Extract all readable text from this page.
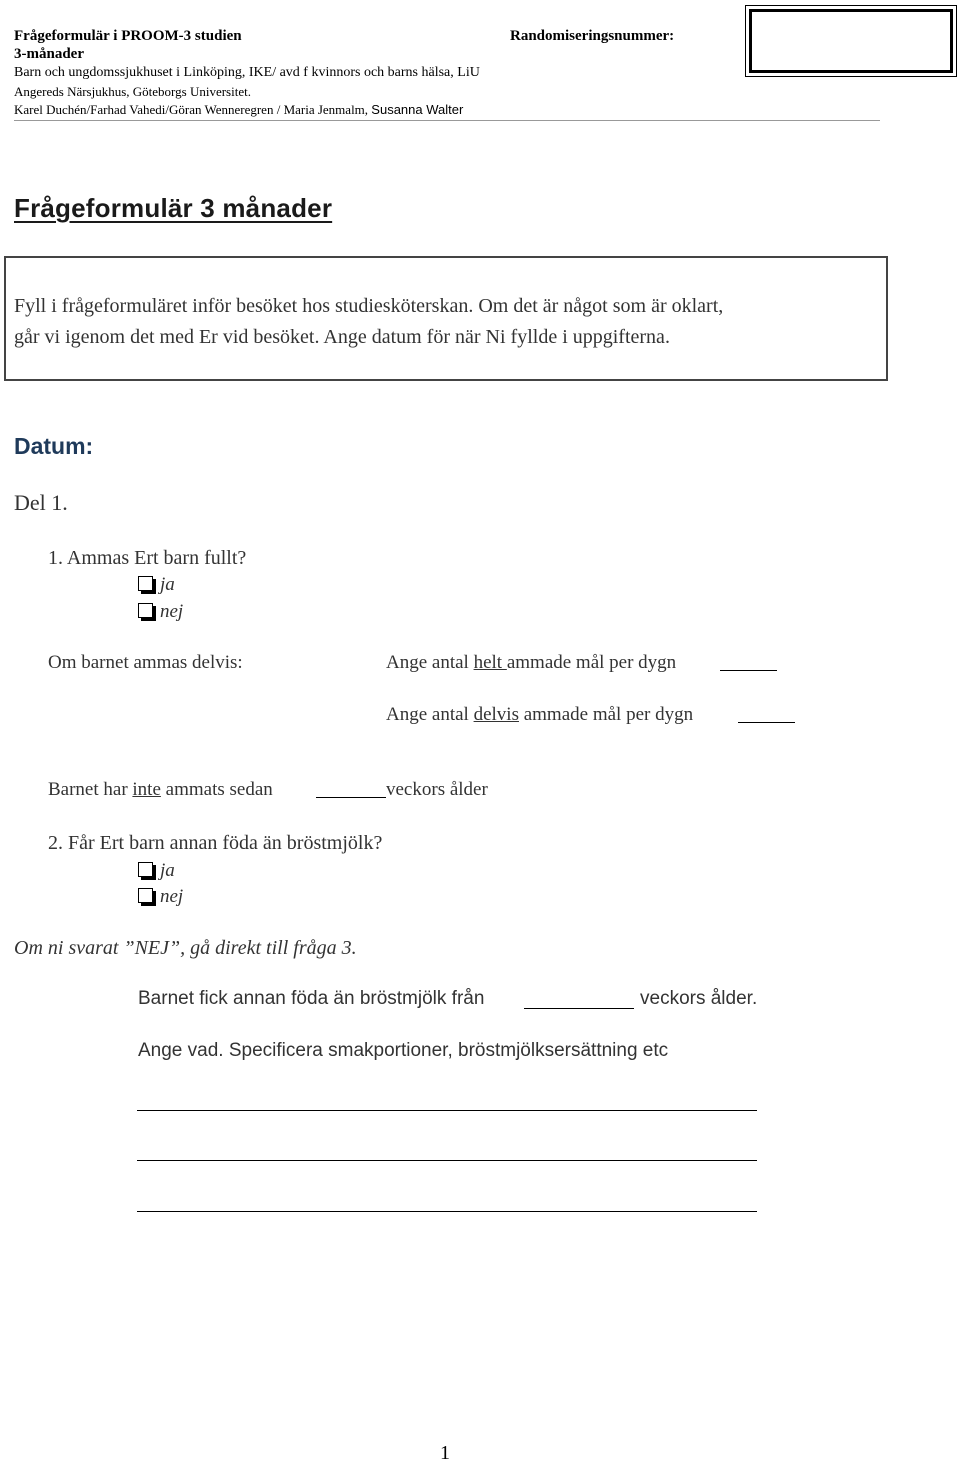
Frågeformulär i PROOM-3 studien	Randomiseringsnummer:
3-månader
Barn och ungdomssjukhuset i Linköping, IKE/ avd f kvinnors och barns hälsa, LiU
Angereds Närsjukhus, Göteborgs Universitet.
Karel Duchén/Farhad Vahedi/Göran Wenneregren / Maria Jenmalm, Susanna Walter
Frågeformulär 3 månader
Fyll i frågeformuläret inför besöket hos studiesköterskan. Om det är något som är oklart,
går vi igenom det med Er vid besöket. Ange datum för när Ni fyllde i uppgifterna.
Datum:
Del 1.
1. Ammas Ert barn fullt?
ja
nej
Om barnet ammas delvis:	Ange antal helt ammade mål per dygn
Ange antal delvis ammade mål per dygn
Barnet har inte ammats sedan	veckors ålder
2. Får Ert barn annan föda än bröstmjölk?
ja
nej
Om ni svarat ”NEJ”, gå direkt till fråga 3.
Barnet fick annan föda än bröstmjölk från	veckors ålder.
Ange vad. Specificera smakportioner, bröstmjölksersättning etc
1
